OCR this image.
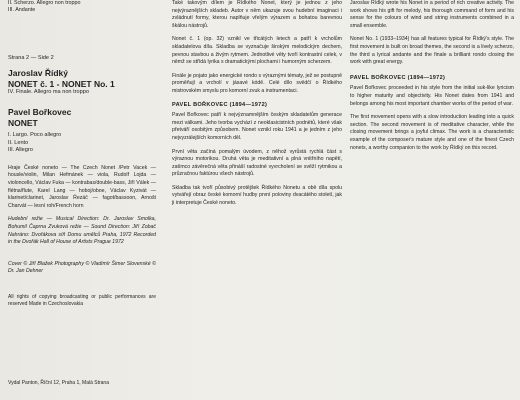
II. Scherzo. Allegro non troppo
III. Andante
Strana 2 — Side 2
Jaroslav Řídký
NONET č. 1 - NONET No. 1
IV. Finale. Allegro ma non troppo
Pavel Bořkovec
NONET
I. Largo. Poco allegro
II. Lento
III. Allegro
Hraje České noneto — The Czech Nonet /Petr Vacek — housle/violin, Milan Hefmánek — viola, Rudolf Lojda — violoncello, Václav Fuka — kontrabas/double-bass, Jiří Válek — flétna/flute, Karel Lang — hoboj/oboe, Václav Kyzivát — klarinet/clarinet, Jaroslav Řezáč — fagot/bassoon, Arnošt Charvát — lesní roh/French horn
Hudební režie — Musical Direction: Dr. Jaroslav Smolka, Bohumil Čaprna Zvuková režie — Sound Direction: Jiří Zobač Nahráno: Dvořákova síň Domu umělců Praha, 1972 Recorded in the Dvořák Hall of House of Artists Prague 1972
Cover © Jiří Blažek Photography © Vladimír Šimer Slovenské © Dr. Jan Dehner
All rights of copying broadcasting or public performances are reserved Made in Czechoslovakia
Vydal Panton, Říční 12, Praha 1, Malá Strana
Také takovým dílem je Řídkého Nonet, který je jednou z jeho nejvýraznějších skladeb. Autor v něm ukazuje svou hudební imaginaci i zvládnutí formy, kterou naplňuje vřelým výrazem a bohatou barevnou škálou nástrojů.
Nonet č. 1 (op. 32) vznikl ve třicátých letech a patří k vrcholům skladatelova díla. Skladba se vyznačuje širokým melodickým dechem, pevnou stavbou a živým rytmem. Jednotlivé věty tvoří kontrastní celek, v němž se střídá lyrika s dramatickými plochami i humorným scherzem.
Finále je pojato jako energické rondo s výraznými tématy, jež se postupně proměňují a vrcholí v jásavé kódě. Celé dílo svědčí o Řídkého mistrovském smyslu pro komorní zvuk a instrumentaci.
PAVEL BOŘKOVEC (1894—1972)
Pavel Bořkovec patří k nejvýznamnějším českým skladatelům generace mezi válkami. Jeho tvorba vychází z neoklasicistních podnětů, které však přetváří osobitým způsobem. Nonet vznikl roku 1941 a je jedním z jeho nejvyzrálejších komorních děl.
První věta začíná pomalým úvodem, z něhož vyrůstá rychlá část s výraznou motorikou. Druhá věta je meditativní a plná vnitřního napětí, zatímco závěrečná věta přináší radostné vyvrcholení se svěží rytmikou a průzračnou faktúrou všech nástrojů.
Skladba tak tvoří působivý protějšek Řídkého Nonetu a obě díla spolu vytvářejí obraz české komorní hudby první poloviny dvacátého století, jak ji interpretuje České noneto.
Jaroslav Řídký wrote his Nonet in a period of rich creative activity. The work shows his gift for melody, his thorough command of form and his sense for the colours of wind and string instruments combined in a small ensemble.
Nonet No. 1 (1933–1934) has all features typical for Řídký's style. The first movement is built on broad themes, the second is a lively scherzo, the third a lyrical andante and the finale a brilliant rondo closing the work with great energy.
PAVEL BOŘKOVEC (1894—1972)
Pavel Bořkovec proceeded in his style from the initial suk-like lyricism to higher maturity and objectivity. His Nonet dates from 1941 and belongs among his most important chamber works of the period of war.
The first movement opens with a slow introduction leading into a quick section. The second movement is of meditative character, while the closing movement brings a joyful climax. The work is a characteristic example of the composer's mature style and one of the finest Czech nonets, a worthy companion to the work by Řídký on this record.
